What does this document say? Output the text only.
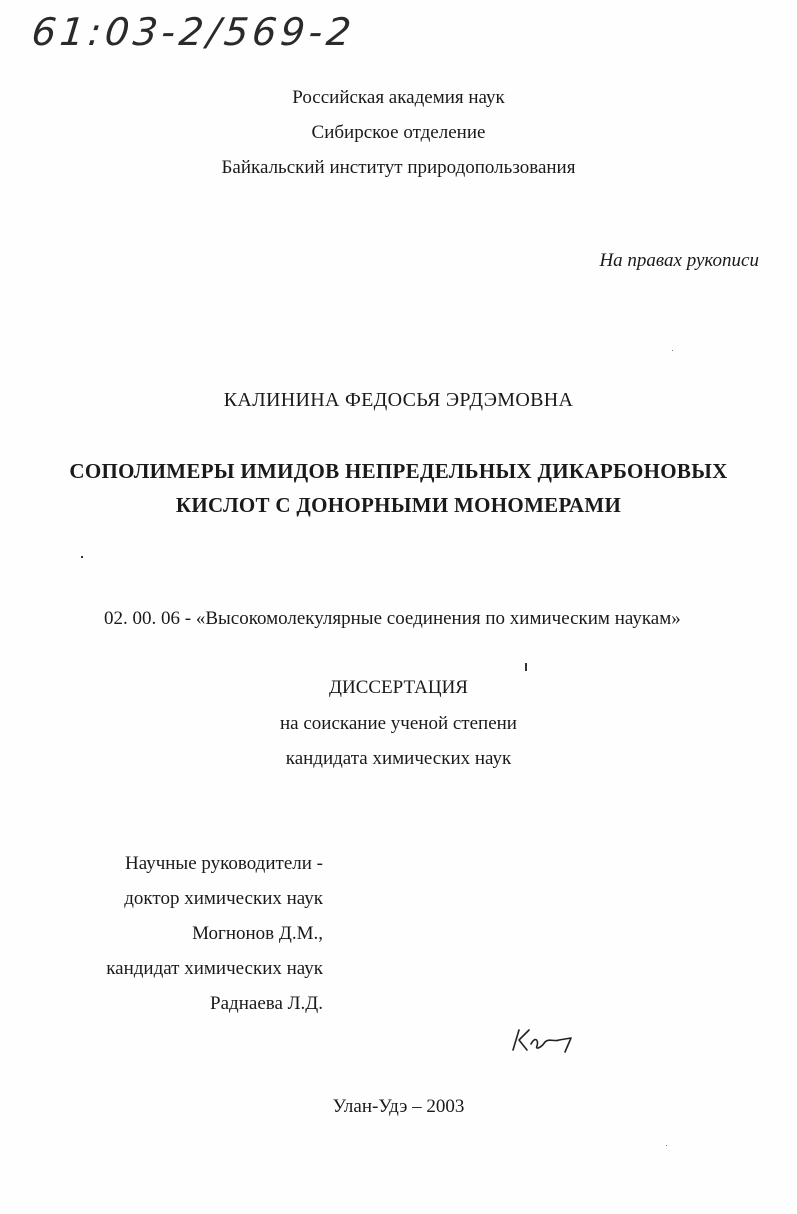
61:03-2/569-2
Российская академия наук
Сибирское отделение
Байкальский институт природопользования
На правах рукописи
КАЛИНИНА ФЕДОСЬЯ ЭРДЭМОВНА
СОПОЛИМЕРЫ ИМИДОВ НЕПРЕДЕЛЬНЫХ ДИКАРБОНОВЫХ
КИСЛОТ С ДОНОРНЫМИ МОНОМЕРАМИ
02. 00. 06 - «Высокомолекулярные соединения по химическим наукам»
ДИССЕРТАЦИЯ
на соискание ученой степени
кандидата химических наук
Научные руководители -
доктор химических наук
Могнонов Д.М.,
кандидат химических наук
Раднаева Л.Д.
Улан-Удэ – 2003
